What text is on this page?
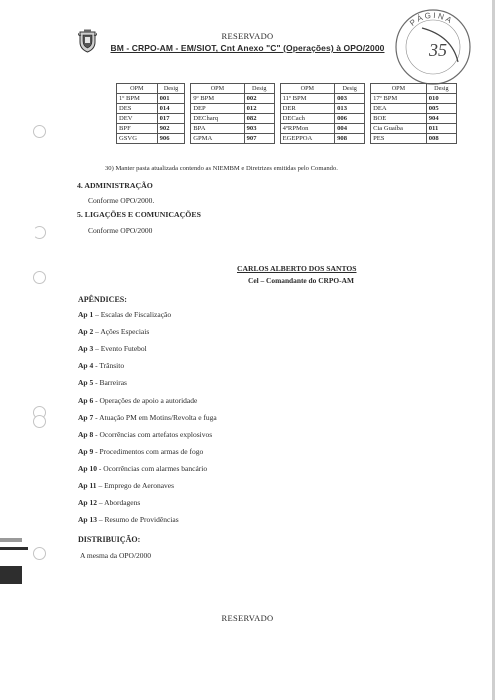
RESERVADO
BM - CRPO-AM - EM/SIOT, Cnt Anexo "C" (Operações) à OPO/2000
PÁGINA
35
OPM	Desig		OPM	Desig		OPM	Desig		OPM	Desig
1º BPM	001		9º BPM	002		11º BPM	003		17º BPM	010
DES	014		DEP	012		DER	013		DEA	005
DEV	017		DECharq	082		DECach	006		BOE	904
BPF	902		BPA	903		4ºRPMon	004		Cia Guaíba	011
GSVG	906		GPMA	907		EGEPPOA	908		PES	008
30) Manter pasta atualizada contendo as NIEMBM e Diretrizes emitidas pelo Comando.
4. ADMINISTRAÇÃO
Conforme OPO/2000.
5. LIGAÇÕES E COMUNICAÇÕES
Conforme OPO/2000
CARLOS ALBERTO DOS SANTOS
Cel – Comandante do CRPO-AM
APÊNDICES:
Ap 1 – Escalas de Fiscalização
Ap 2 – Ações Especiais
Ap 3 – Evento Futebol
Ap 4 - Trânsito
Ap 5 - Barreiras
Ap 6 - Operações de apoio a autoridade
Ap 7 - Atuação PM em Motins/Revolta e fuga
Ap 8 - Ocorrências com artefatos explosivos
Ap 9 - Procedimentos com armas de fogo
Ap 10 - Ocorrências com alarmes bancário
Ap 11 – Emprego de Aeronaves
Ap 12 – Abordagens
Ap 13 – Resumo de Providências
DISTRIBUIÇÃO:
A mesma da OPO/2000
RESERVADO
